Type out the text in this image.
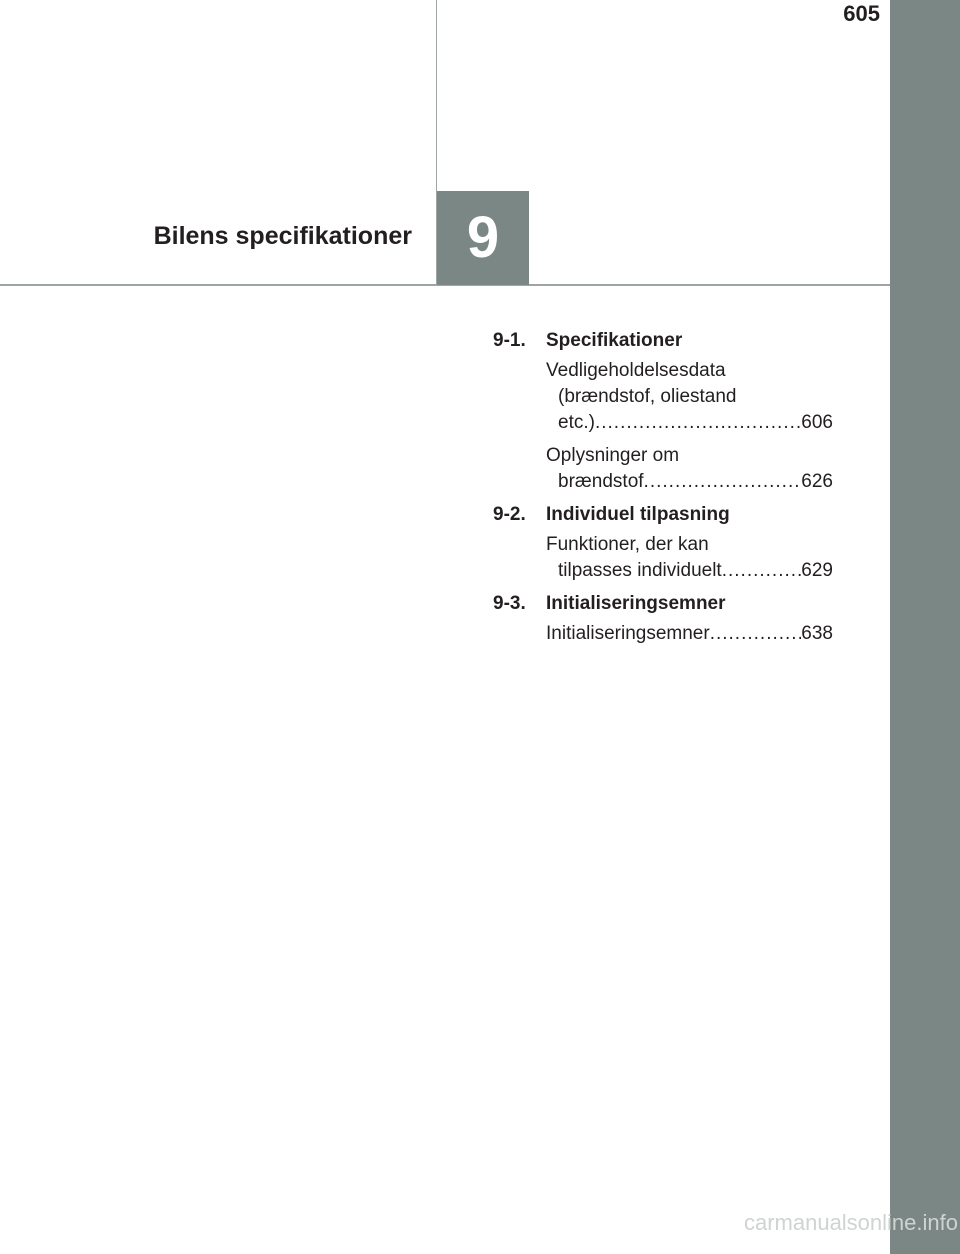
605
Bilens specifikationer 9
9-1.	Specifikationer
Vedligeholdelsesdata
(brændstof, oliestand
etc.) .....	606
Oplysninger om
brændstof .....	626
9-2.	Individuel tilpasning
Funktioner, der kan
tilpasses individuelt .....	629
9-3.	Initialiseringsemner
Initialiseringsemner .....	638
carmanualsonline.info
